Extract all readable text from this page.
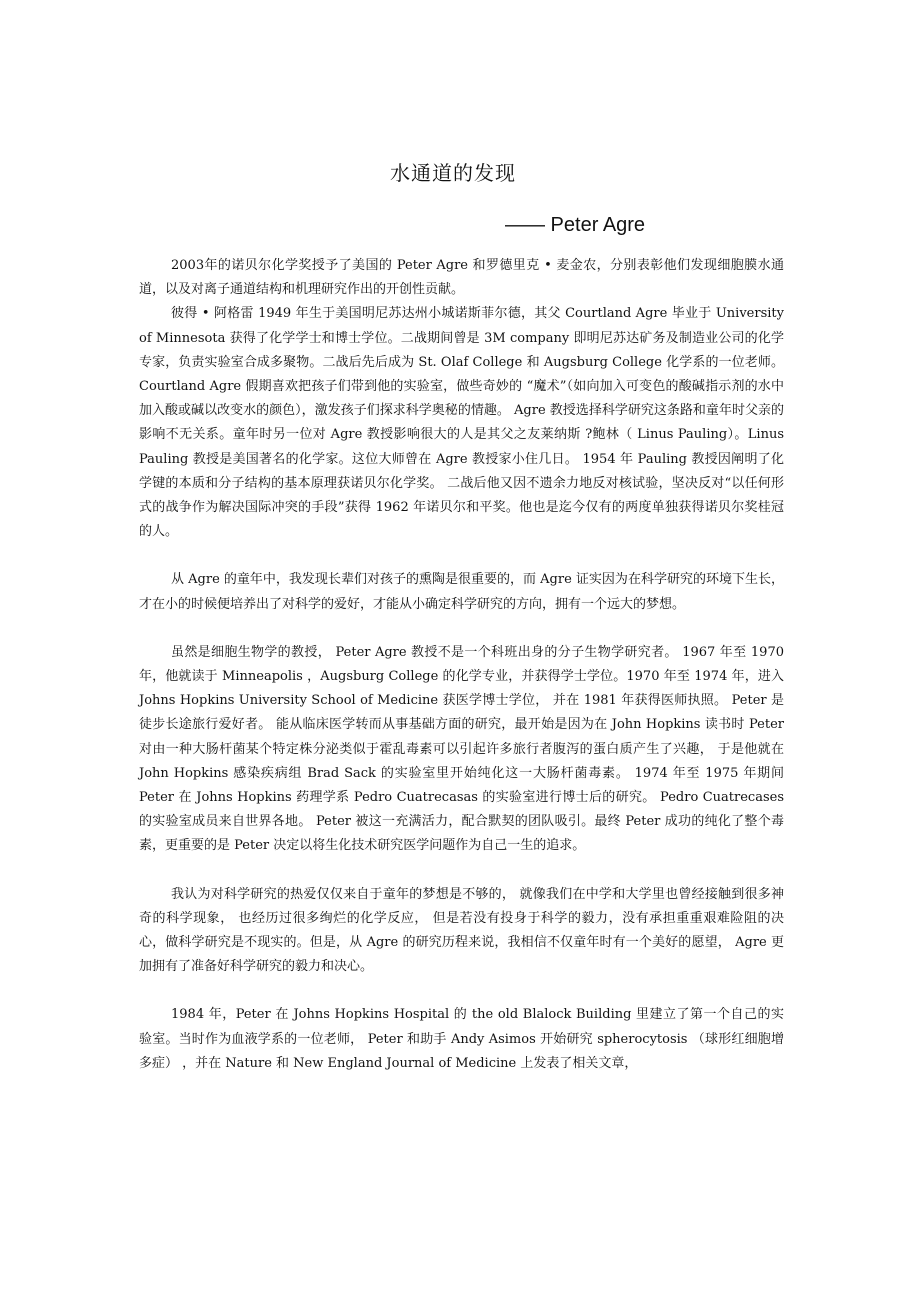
水通道的发现
—— Peter Agre

2003年的诺贝尔化学奖授予了美国的 Peter Agre 和罗德里克 • 麦金农，分别表彰他们发现细胞膜水通道，以及对离子通道结构和机理研究作出的开创性贡献。

彼得 • 阿格雷 1949 年生于美国明尼苏达州小城诺斯菲尔德，其父 Courtland Agre 毕业于 University of Minnesota 获得了化学学士和博士学位。二战期间曾是 3M company 即明尼苏达矿务及制造业公司的化学专家，负责实验室合成多聚物。二战后先后成为 St. Olaf College 和 Augsburg College 化学系的一位老师。 Courtland Agre 假期喜欢把孩子们带到他的实验室，做些奇妙的 “魔术”（如向加入可变色的酸碱指示剂的水中加入酸或碱以改变水的颜色），激发孩子们探求科学奥秘的情趣。 Agre 教授选择科学研究这条路和童年时父亲的影响不无关系。童年时另一位对 Agre 教授影响很大的人是其父之友莱纳斯 ?鲍林（ Linus Pauling）。Linus Pauling 教授是美国著名的化学家。这位大师曾在 Agre 教授家小住几日。 1954 年 Pauling 教授因阐明了化学键的本质和分子结构的基本原理获诺贝尔化学奖。 二战后他又因不遗余力地反对核试验，坚决反对“以任何形式的战争作为解决国际冲突的手段”获得 1962 年诺贝尔和平奖。他也是迄今仅有的两度单独获得诺贝尔奖桂冠的人。

从 Agre 的童年中，我发现长辈们对孩子的熏陶是很重要的，而 Agre 证实因为在科学研究的环境下生长，才在小的时候便培养出了对科学的爱好，才能从小确定科学研究的方向，拥有一个远大的梦想。

虽然是细胞生物学的教授， Peter Agre 教授不是一个科班出身的分子生物学研究者。 1967 年至 1970 年，他就读于 Minneapolis ，Augsburg College 的化学专业，并获得学士学位。1970 年至 1974 年，进入 Johns Hopkins University School of Medicine 获医学博士学位， 并在 1981 年获得医师执照。 Peter 是徒步长途旅行爱好者。 能从临床医学转而从事基础方面的研究，最开始是因为在 John Hopkins 读书时 Peter 对由一种大肠杆菌某个特定株分泌类似于霍乱毒素可以引起许多旅行者腹泻的蛋白质产生了兴趣， 于是他就在 John Hopkins 感染疾病组 Brad Sack 的实验室里开始纯化这一大肠杆菌毒素。 1974 年至 1975 年期间 Peter 在 Johns Hopkins 药理学系 Pedro Cuatrecasas 的实验室进行博士后的研究。 Pedro Cuatrecases 的实验室成员来自世界各地。 Peter 被这一充满活力，配合默契的团队吸引。最终 Peter 成功的纯化了整个毒素，更重要的是 Peter 决定以将生化技术研究医学问题作为自己一生的追求。

我认为对科学研究的热爱仅仅来自于童年的梦想是不够的， 就像我们在中学和大学里也曾经接触到很多神奇的科学现象， 也经历过很多绚烂的化学反应， 但是若没有投身于科学的毅力，没有承担重重艰难险阻的决心，做科学研究是不现实的。但是，从 Agre 的研究历程来说，我相信不仅童年时有一个美好的愿望， Agre 更加拥有了准备好科学研究的毅力和决心。

1984 年，Peter 在 Johns Hopkins Hospital 的 the old Blalock Building 里建立了第一个自己的实验室。当时作为血液学系的一位老师， Peter 和助手 Andy Asimos 开始研究 spherocytosis （球形红细胞增多症） ，并在 Nature 和 New England Journal of Medicine 上发表了相关文章，
